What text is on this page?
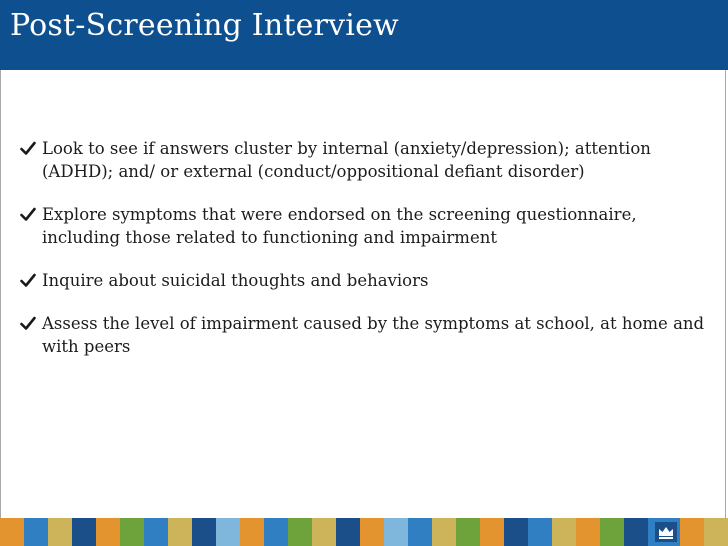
Post-Screening Interview
Look to see if answers cluster by internal (anxiety/depression); attention (ADHD); and/ or external (conduct/oppositional defiant disorder)
Explore symptoms that were endorsed on the screening questionnaire, including those related to functioning and impairment
Inquire about suicidal thoughts and behaviors
Assess the level of impairment caused by the symptoms at school, at home and with peers
